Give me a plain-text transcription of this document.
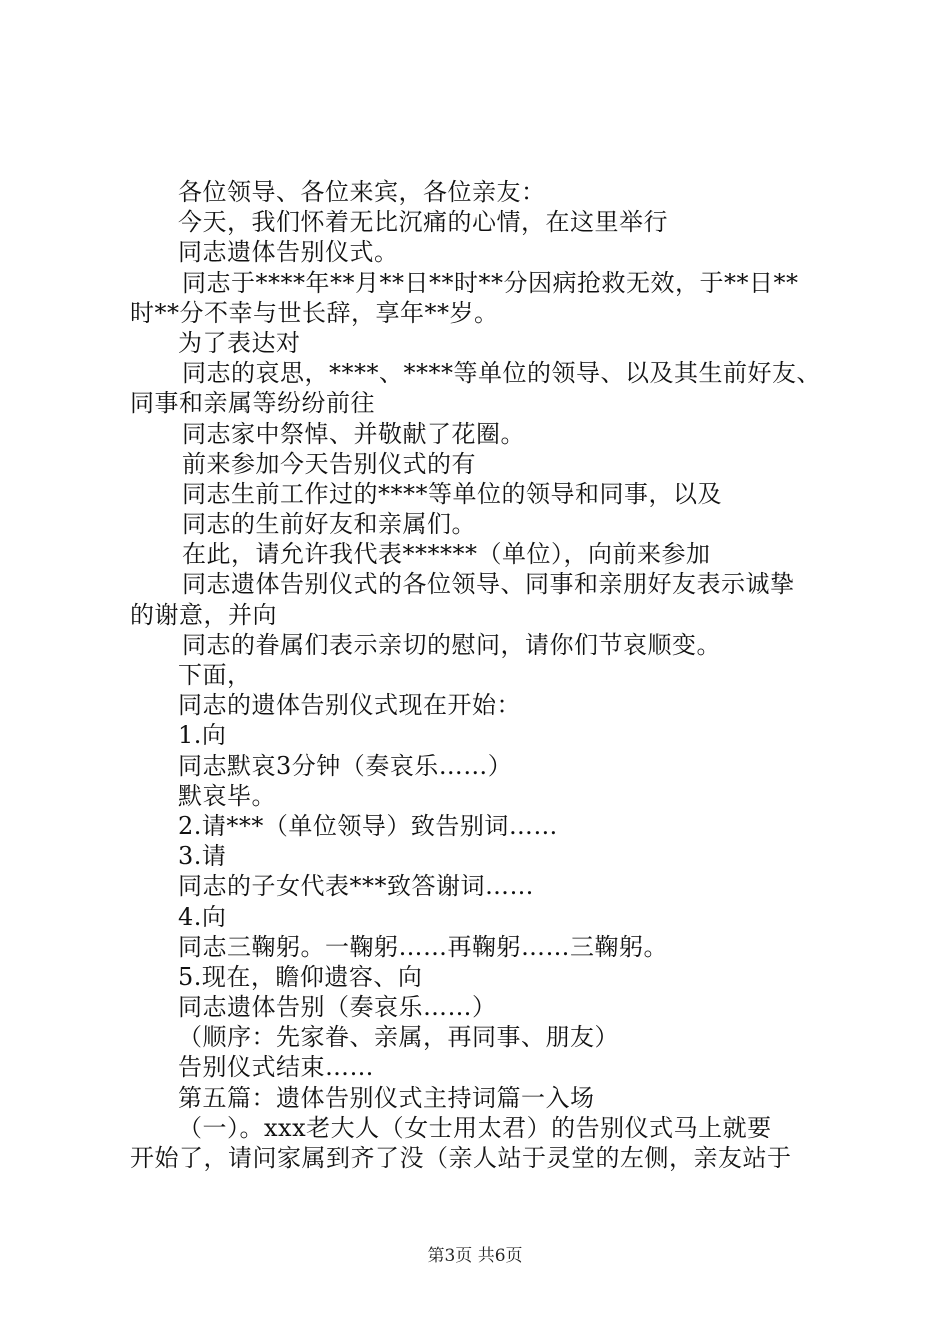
各位领导、各位来宾，各位亲友：
今天，我们怀着无比沉痛的心情，在这里举行
同志遗体告别仪式。
同志于****年**月**日**时**分因病抢救无效，于**日**
时**分不幸与世长辞，享年**岁。
为了表达对
同志的哀思，****、****等单位的领导、以及其生前好友、
同事和亲属等纷纷前往
同志家中祭悼、并敬献了花圈。
前来参加今天告别仪式的有
同志生前工作过的****等单位的领导和同事，以及
同志的生前好友和亲属们。
在此，请允许我代表******（单位），向前来参加
同志遗体告别仪式的各位领导、同事和亲朋好友表示诚挚
的谢意，并向
同志的眷属们表示亲切的慰问，请你们节哀顺变。
下面，
同志的遗体告别仪式现在开始：
1.向
同志默哀3分钟（奏哀乐……）
默哀毕。
2.请***（单位领导）致告别词……
3.请
同志的子女代表***致答谢词……
4.向
同志三鞠躬。一鞠躬……再鞠躬……三鞠躬。
5.现在，瞻仰遗容、向
同志遗体告别（奏哀乐……）
（顺序：先家眷、亲属，再同事、朋友）
告别仪式结束……
第五篇：遗体告别仪式主持词篇一入场
（一）。xxx老大人（女士用太君）的告别仪式马上就要
开始了，请问家属到齐了没（亲人站于灵堂的左侧，亲友站于
第3页 共6页
